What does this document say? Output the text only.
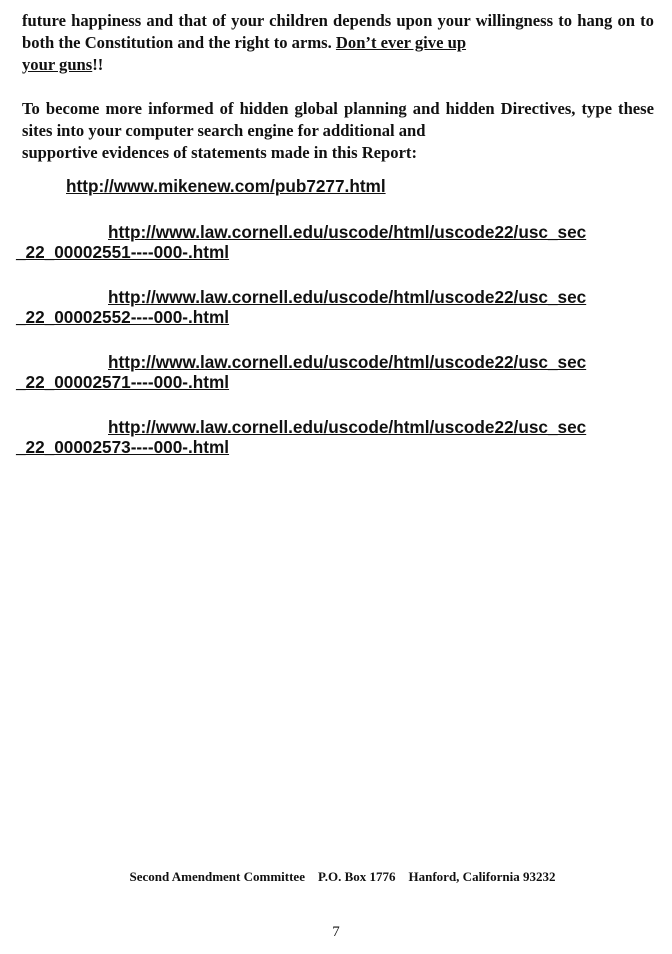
future happiness and that of your children depends upon your willingness to hang on to both the Constitution and the right to arms. Don’t ever give up
your guns!!

To become more informed of hidden global planning and hidden Directives, type these sites into your computer search engine for additional and
supportive evidences of statements made in this Report:

http://www.mikenew.com/pub7277.html
http://www.law.cornell.edu/uscode/html/uscode22/usc_sec
_22_00002551----000-.html
http://www.law.cornell.edu/uscode/html/uscode22/usc_sec
_22_00002552----000-.html
http://www.law.cornell.edu/uscode/html/uscode22/usc_sec
_22_00002571----000-.html
http://www.law.cornell.edu/uscode/html/uscode22/usc_sec
_22_00002573----000-.html

Second Amendment Committee P.O. Box 1776 Hanford, California 93232

7
